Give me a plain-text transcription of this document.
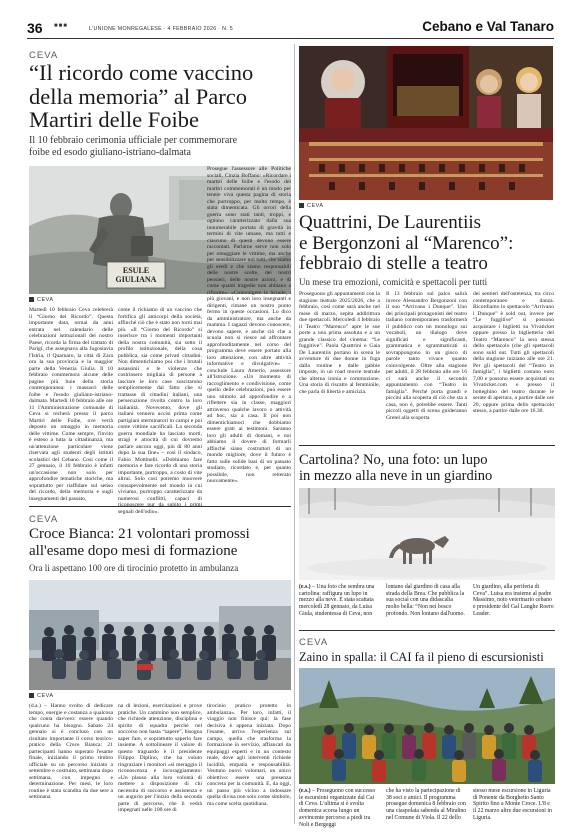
36 ■■■	L'UNIONE MONREGALESE · 4 FEBBRAIO 2026 · N. 5	Cebano e Val Tanaro
CEVA
“Il ricordo come vaccino
della memoria” al Parco
Martiri delle Foibe
Il 10 febbraio cerimonia ufficiale per commemorare
foibe ed esodo giuliano-istriano-dalmata
ESULE GIULIANA
CEVA
Martedì 10 febbraio Ceva celebrerà il “Giorno del Ricordo”. Questa importante data, ormai da anni entrata nel calendario delle celebrazioni istituzionali del nostro Paese, ricorda la firma del trattato di Parigi, che assegnava alla Jugoslavia l'Istria, il Quarnaro, la città di Zara ora la sua provincia e la maggior parte della Venezia Giulia. Il 10 febbraio commemora alcune delle pagine più buie della storia contemporanea: i massacri delle foibe e l'esodo giuliano-istriano-dalmata. Martedì 10 febbraio alle ore 11 l'Amministrazione comunale di Ceva si recherà presso il parco Martiri delle Foibe, ove verrà deposto un omaggio in memoria delle vittime. Come sempre, l'invito è esteso a tutta la cittadinanza, ma un'attenzione particolare viene riservata agli studenti degli istituti scolastici del Cebano. Così come il 27 gennaio, il 10 febbraio è infatti un'occasione non solo per approfondire tematiche storiche, ma soprattutto per riaffidare sul senso del ricordo, della memoria e sugli insegnamenti del passato,
come il richiamo di un vaccino che fortifica gli anticorpi della società, affinché ciò che è stato non torni mai più. «Il “Giorno del Ricordo” si inserisce tra i momenti importanti della nostra comunità, sia sotto il profilo istituzionale, della cosa pubblica, sia come privati cittadini. Non dimentichiamo poi che i brutali assassinii e le violenze che costrinsero migliaia di persone a lasciare le loro case suscitarono semplicemente dal fatto che si trattasse di cittadini italiani, una persecuzione rivolta contro la loro italianità. Novecento, dove gli italiani vennero uccisi prima come partigiani sterminatori in campi e poi come vittime sacrificali. La seconda guerra mondiale ha lasciato morti, stragi e atrocità di cui dovremo parlare ancora oggi, più di 80 anni dopo la sua fine» – così il sindaco, Fabio Mottinelli. «Dobbiamo fare memoria e fare ricordo di una storia importante, purtroppo, a costo di vite altrui. Solo così potremo muovere consapevolmente nel mondo in cui viviamo, purtroppo caratterizzato da numerosi conflitti, capaci di riconoscere pur da subito i primi segnali dell'odio».
Prosegue l'assessore alle Politiche sociali, Cinzia Boffano: «Ricordare i martiri delle foibe e l'esodo dei martiri commemorati è un modo per tenere viva questa pagina di storia che purtroppo, per molto tempo, è stata dimenticata. Gli orrori della guerra sono stati tanti, troppi, e ognuno caratterizzato dalla sua innumerabile portata di gravità in termini di vite umane, ma tutti e ciascuno di questi devono essere raccontati. Parlarne serve non solo per omaggiare le vittime, ma anche per sensibilizzare noi tutti, che siamo gli eredi e che siamo responsabili delle nostre scelte, dei nostri pensieri, delle nostre azioni, e di come quanti tragedie non abbiano a rifiorire». «Coinvolgere le Scuole, i più giovani, e non loro insegnanti e dirigenti, rimane un nostro punto fermo in queste occasioni. Lo dico da amministratore, ma anche da mamma. I ragazzi devono conoscere, devono sapere, e anche ciò che a scuola non si riesce ad affrontare approfonditamente nel corso del programma deve essere portato alla loro attenzione, con altre attività informative e divulgative» – conclude Laura Amerio, assessore all'Istruzione. «Un momento di raccoglimento e condivisione, come quello delle celebrazioni, può essere uno stimolo ad approfondire e a riflettere sia in classe, maggiori attraverso qualche lavoro o attività ad hoc, sia a casa. Il poi non dimentichiamoci che dobbiamo essere grati ai testimoni. Saranno loro gli adulti di domani, e noi abbiamo il dovere di formarli affinché siano costruttori di un mondo migliore, dove il futuro è fatto sulle solide basi di un passato studiato, ricordato e, per quanto possibile, non reiterato nuovamente».
CEVA
Croce Bianca: 21 volontari promossi
all'esame dopo mesi di formazione
Ora li aspettano 100 ore di tirocinio protetto in ambulanza
CEVA
(d.a.) – Hanno svolto di dedicare tempo, energie e costanza a qualcosa che conta davvero: essere quando qualcuno ha bisogno. Sabato 24 gennaio si è concluso con un risultato importante il corso teorico-pratico della Croce Bianca: 21 partecipanti hanno superato l'esame finale, iniziando il primo timbro ufficiale su un percorso iniziato a settembre e costruito, settimana dopo settimana, con impegno e determinazione. Per mesi, le loro routine è stata scandita da due sere a settimana
na di lezioni, esercitazioni e prove pratiche. Un cammino non semplice, che richiede attenzione, disciplina e spirito di squadra perché nel soccorso non basta “sapere”, bisogna saper fare, e soprattutto saperlo fare insieme. A sottolineare il valore di questo traguardo è il presidente Filippo Diplino, che ha voluto ringraziare i monitori «si meraggio il riconoscenza e incoraggiamento: «Un plauso alla loro volontà di mettere a disposizione di chi necessita di soccorso e assistenza e un augurio per l'inizio della seconda parte di percorso, che li vedrà impegnati nelle 100 ore di
tirocinio pratico protetto in ambulanza». Per loro, infatti, il viaggio non finisce qui: la fase decisiva è appena iniziata. Dopo l'esame, arriva l'esperienza sul campo, quella che trasforma la formazione in servizio, affiancati da equipaggi esperti e in un contesto reale, dove agli interventi richiede lucidità, empatia e responsabilità. Ventuno nuovi volontari, un unico obiettivo: essere una presenza concreta per la comunità. E, da oggi, un passo più vicino a indossare quella divisa non solo come simbolo, ma come scelta quotidiana.
CEVA
Quattrini, De Laurentiis
e Bergonzoni al “Marenco”:
febbraio di stelle a teatro
Un mese tra emozioni, comicità e spettacoli per tutti
Proseguono gli appuntamenti con la stagione teatrale 2025/2026, che a febbraio, così come sarà anche nel mese di marzo, sepita addirittura due spettacoli. Mercoledì 4 febbraio il Teatro “Marenco” apre le sue porte a una prima assoluta e a un grande classico del cinema: “Le fuggitive”. Paola Quattrini e Gaia De Laurentiis portano in scena le avventure di due donne in fuga dalla routine e dalle gabbie imposte, in un road movie teatrale che alterna ironia e commozione. Una storia di riscatto al femminile, che parla di libertà e amicizia.
Il 13 febbraio sul palco salirà invece Alessandro Bergonzoni con il suo “Arrivano i Dunque”. Uno dei principali protagonisti del teatro italiano contemporaneo trasformerà il pubblico con un monologo sui vocaboli, un dialogo dove significati e significanti, grammatica e sgrammaticati si sovrappongono in un gioco di parole tanto vivace quanto coinvolgente. Oltre alla stagione per adulti, il 28 febbraio alle ore 16 ci sarà anche il secondo appuntamento con “Teatro in famiglia”. Perché porta grandi e piccini alla scoperta di ciò che sta a casa, non è, potrebbe essere. Tanti piccoli oggetti di scena guideranno Gretel alla scoperta
dei sentieri dell'ostetenza, tra circo contemporaneo e danza. Ricordiamo lo spettacolo “Arrivano i Dunque” è sold out, invece per “Le fuggitive” si possono acquistare i biglietti su Vivaticket oppure presso la biglietteria del Teatro “Marenco” la sera stessa dello spettacolo (che gli spettacoli sono sold out. Tutti gli spettacoli della stagione iniziano alle ore 21. Per gli spettacoli del “Teatro in famiglia”, i biglietti costano euro 7,00 e possono essere acquistati su Vivaticket.com e presso il botteghino del teatro durante le serate di apertura, a partire dalle ore 20, oppure prima dello spettacolo stesso, a partire dalle ore 16.30.
Cartolina? No, una foto: un lupo
in mezzo alla neve in un giardino
(e.s.) – Una foto che sembra una cartolina: raffigura un lupo in mezzo alla neve. È stata scattata mercoledì 28 gennaio, da Luisa Giula, studentessa di Ceva, non
lontano dal giardino di casa alla strada della Brea. Che pubblica la sua social con una didascalia molto bella: “Non nei bosco profondo. Non lontano dall'uomo.
Un giardino, alla periferia di Ceva”. Luisa era insieme al padre Massimo, noto veterinario cebano e presidente del Gal Langhe Roero Leader.
CEVA
Zaino in spalla: il CAI fa il pieno di escursionisti
(e.s.) – Proseguono con successo le escursioni organizzate dal Cai di Ceva. L'ultima si è svolta domenica scorsa lungo un avvincente percorso a piedi tra Noli e Bergeggi
che ha visto la partecipazione di 38 soci e amici. Il programma prosegue domenica 8 febbraio con una ciaspolata sabenda al Mindino nel Comune di Viola. Il 22 dello
stesso mese escursione in Liguria di Ponente da Borghetto Santo Spirito fino a Monte Croce. L'8 e il 22 marzo altre due escursioni in Liguria.
